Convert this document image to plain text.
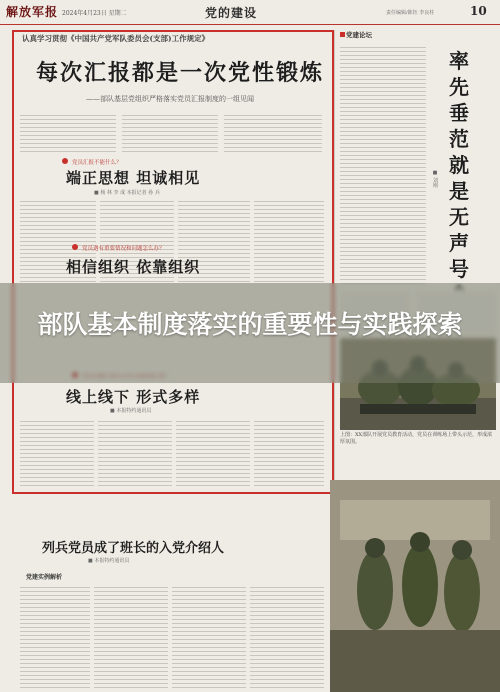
解放军报 2024年4月23日 星期二	党的建设	责任编辑/陈钰 李良柱	10
认真学习贯彻《中国共产党军队委员会(支部)工作规定》
每次汇报都是一次党性锻炼
——部队基层党组织严格落实党员汇报制度的一组见闻
党员汇报不能什么？
端正思想 坦诚相见
■ 杨 林 李 成 本报记者 孙 兵
党员遇有重要情况和问题怎么办？
相信组织 依靠组织
线上线下 形式多样
■ 本报特约通讯员
党建论坛
率
先
垂
范
就
是
无
声
号
■ 刘刚
上图：XX部队开展党员教育活动，党员在训练场上带头示范，形成浓厚氛围。
列兵党员成了班长的入党介绍人
■ 本报特约通讯员
党建实例解析
部队基本制度落实的重要性与实践探索
